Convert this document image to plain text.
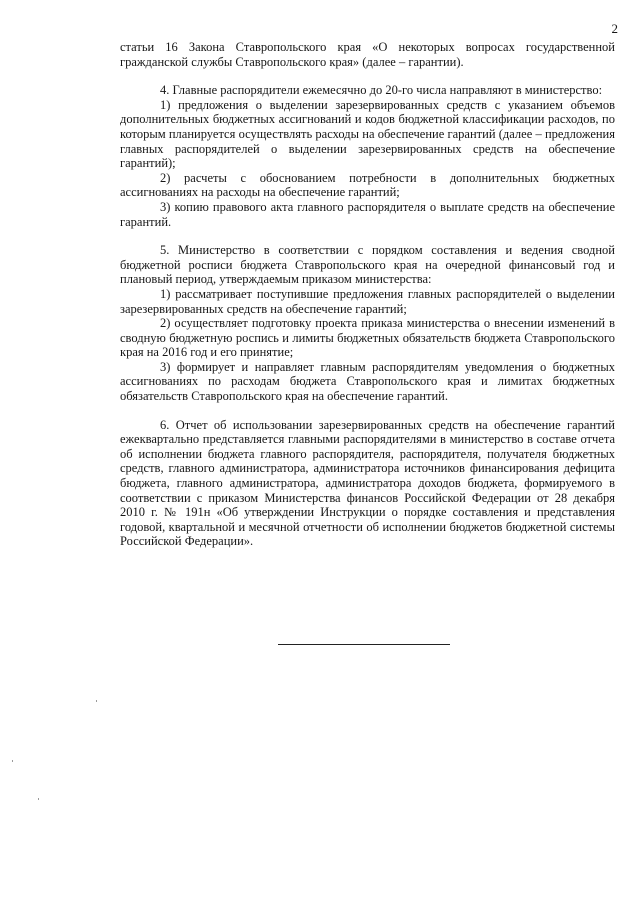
2

статьи 16 Закона Ставропольского края «О некоторых вопросах государственной гражданской службы Ставропольского края» (далее – гарантии).

4. Главные распорядители ежемесячно до 20-го числа направляют в министерство:

1) предложения о выделении зарезервированных средств с указанием объемов дополнительных бюджетных ассигнований и кодов бюджетной классификации расходов, по которым планируется осуществлять расходы на обеспечение гарантий (далее – предложения главных распорядителей о выделении зарезервированных средств на обеспечение гарантий);

2) расчеты с обоснованием потребности в дополнительных бюджетных ассигнованиях на расходы на обеспечение гарантий;

3) копию правового акта главного распорядителя о выплате средств на обеспечение гарантий.

5. Министерство в соответствии с порядком составления и ведения сводной бюджетной росписи бюджета Ставропольского края на очередной финансовый год и плановый период, утверждаемым приказом министерства:

1) рассматривает поступившие предложения главных распорядителей о выделении зарезервированных средств на обеспечение гарантий;

2) осуществляет подготовку проекта приказа министерства о внесении изменений в сводную бюджетную роспись и лимиты бюджетных обязательств бюджета Ставропольского края на 2016 год и его принятие;

3) формирует и направляет главным распорядителям уведомления о бюджетных ассигнованиях по расходам бюджета Ставропольского края и лимитах бюджетных обязательств Ставропольского края на обеспечение гарантий.

6. Отчет об использовании зарезервированных средств на обеспечение гарантий ежеквартально представляется главными распорядителями в министерство в составе отчета об исполнении бюджета главного распорядителя, распорядителя, получателя бюджетных средств, главного администратора, администратора источников финансирования дефицита бюджета, главного администратора, администратора доходов бюджета, формируемого в соответствии с приказом Министерства финансов Российской Федерации от 28 декабря 2010 г. № 191н «Об утверждении Инструкции о порядке составления и представления годовой, квартальной и месячной отчетности об исполнении бюджетов бюджетной системы Российской Федерации».
